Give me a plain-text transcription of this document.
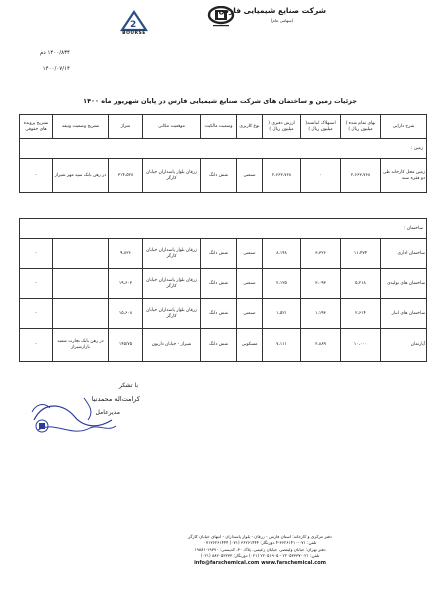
شرکت صنایع شیمیایی فارس
(سهامی عام)
2
BOURSE
۱۴۰۰/۸۳۴ دم
۱۴۰۰/۰۷/۱۴
جزئیات زمین و ساختمان های شرکت صنایع شیمیایی فارس در پایان شهریور ماه ۱۴۰۰
شرح دارایی	بهای تمام شده ( میلیون ریال )	استهلاک انباشته( میلیون ریال )	ارزش دفتری ( میلیون ریال )	نوع کاربری	وضعیت مالکیت	موقعیت مکانی	متراژ	تشریح وضعیت وثیقه	تشریح پرونده های حقوقی
زمین :									
زمین محل کارخانه طی دو فقره سند	۲،۶۶۳،۷۶۸	۰	۲،۶۶۳،۷۶۸	صنعتی	شش دانگ	زرقان بلوار پاسداران خیابان کارگر	۳۱۴،۵۲۸	در رهن بانک سپه مهر شیراز	-

ساختمان :									
ساختمان اداری	۱۱،۴۷۴	۳،۳۲۶	۸،۱۴۸	صنعتی	شش دانگ	زرقان بلوار پاسداران خیابان کارگر	۹،۸۲۶		-
ساختمان های تولیدی	۵،۲۱۸	۳،۰۹۳	۲،۱۲۵	صنعتی	شش دانگ	زرقان بلوار پاسداران خیابان کارگر	۱۹،۶۰۳		-
ساختمان های انبار	۲،۶۱۴	۱،۱۹۳	۱،۵۲۱	صنعتی	شش دانگ	زرقان بلوار پاسداران خیابان کارگر	۱۵،۶۰۸		-
آپارتمان	۱۰،۰۰۰	۲،۸۸۹	۷،۱۱۱	مسکونی	شش دانگ	شیراز - خیابان داریون	۱۴۵/۷۵	در رهن بانک تجارت شعبه بازارشیراز	-
با تشکر
کرامت‌اله محمدنیا
مدیرعامل
دفتر مرکزی و کارخانه: استان فارس - زرقان - بلوار پاسداران - انتهای خیابان کارگر
تلفن: ۰۷۱-۳۶۲۶۱۴۱۰-۴ دورنگار: ۳۶۲۶۱۴۴۴ (۰۷۱) ۰۷۱۳۶۲۶۱۴۴۴
دفتر تهران: خیابان ولیعصر، خیابان زعیمی، پلاک ۳۰، کدپستی: ۱۹۷۹۰-۱۹۸۸۱
تلفن: ۰۲۱-۲۲۰۵۳۳۳۷ - ۲۲۰۵۱۹۰۵ (۰۲۱) دورنگار: ۸۸۲۰۵۳۲۳۳ (۰۲۱)
info@farschemical.com www.farschemical.com
